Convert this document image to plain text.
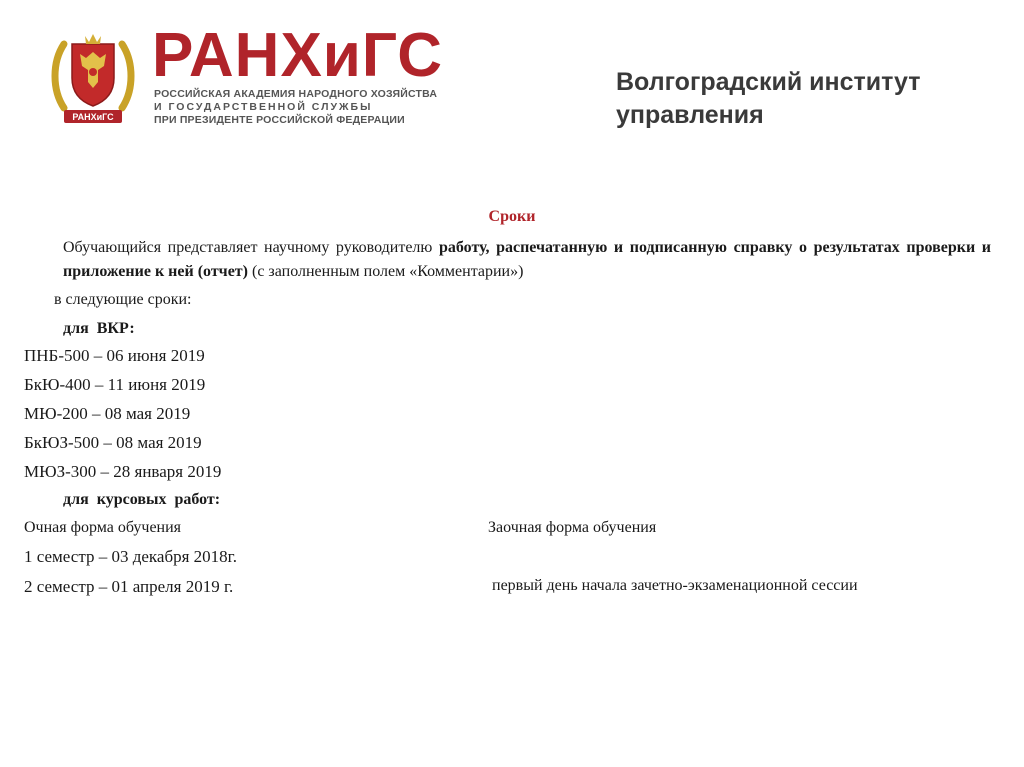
РАНХиГС
РАНХиГС
РОССИЙСКАЯ АКАДЕМИЯ НАРОДНОГО ХОЗЯЙСТВА
И ГОСУДАРСТВЕННОЙ СЛУЖБЫ
ПРИ ПРЕЗИДЕНТЕ РОССИЙСКОЙ ФЕДЕРАЦИИ
Волгоградский институт
управления
Сроки
Обучающийся представляет научному руководителю работу, распечатанную и подписанную справку о результатах проверки и приложение к ней (отчет) (с заполненным полем «Комментарии»)
в следующие сроки:
для ВКР:
ПНБ-500 – 06 июня 2019
БкЮ-400 – 11 июня 2019
МЮ-200 – 08 мая 2019
БкЮЗ-500 – 08 мая 2019
МЮЗ-300 – 28 января 2019
для курсовых работ:
Очная форма обучения	Заочная форма обучения
1 семестр – 03 декабря 2018г.
2 семестр – 01 апреля 2019 г.	первый день начала зачетно-экзаменационной сессии
